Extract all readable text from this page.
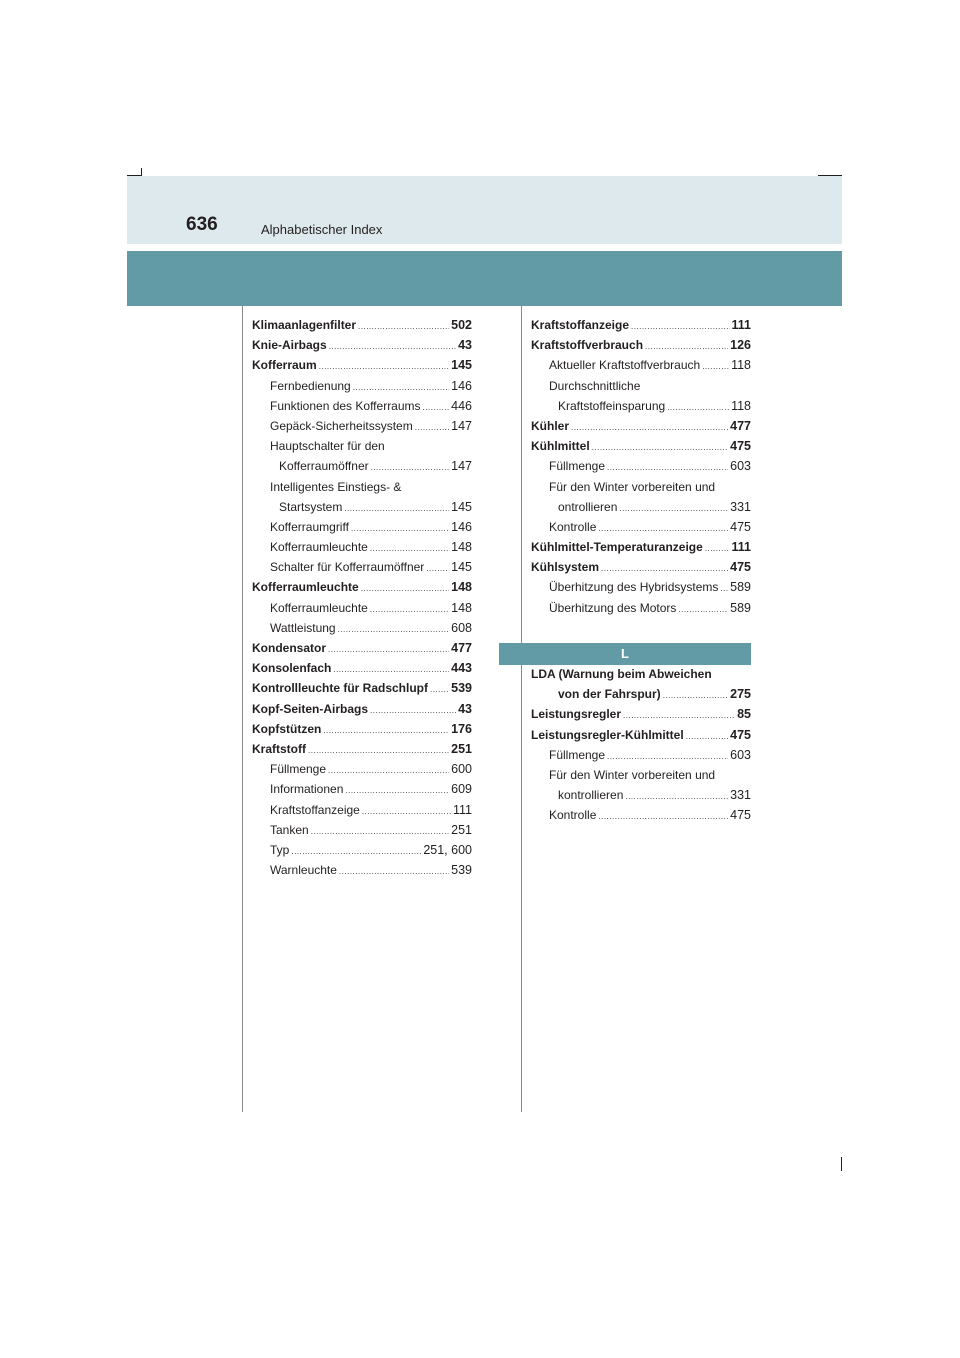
636	Alphabetischer Index
Klimaanlagenfilter .....	502
Knie-Airbags .....	43
Kofferraum .....	145
Fernbedienung .....	146
Funktionen des Kofferraums ..... 446
Gepäck-Sicherheitssystem .....	147
Hauptschalter für den
Kofferraumöffner .....	147
Intelligentes Einstiegs- &
Startsystem .....	145
Kofferraumgriff .....	146
Kofferraumleuchte .....	148
Schalter für Kofferraumöffner ..... 145
Kofferraumleuchte .....	148
Kofferraumleuchte .....	148
Wattleistung .....	608
Kondensator .....	477
Konsolenfach .....	443
Kontrollleuchte für Radschlupf ..... 539
Kopf-Seiten-Airbags .....	43
Kopfstützen .....	176
Kraftstoff .....	251
Füllmenge .....	600
Informationen .....	609
Kraftstoffanzeige .....	111
Tanken .....	251
Typ .....	251, 600
Warnleuchte .....	539
Kraftstoffanzeige .....	111
Kraftstoffverbrauch .....	126
Aktueller Kraftstoffverbrauch ..... 118
Durchschnittliche
Kraftstoffeinsparung .....	118
Kühler .....	477
Kühlmittel .....	475
Füllmenge .....	603
Für den Winter vorbereiten und
ontrollieren .....	331
Kontrolle .....	475
Kühlmittel-Temperaturanzeige ..... 111
Kühlsystem .....	475
Überhitzung des Hybridsystems ..... 589
Überhitzung des Motors .....	589
L
LDA (Warnung beim Abweichen
von der Fahrspur) .....	275
Leistungsregler .....	85
Leistungsregler-Kühlmittel .....	475
Füllmenge .....	603
Für den Winter vorbereiten und
kontrollieren .....	331
Kontrolle .....	475
